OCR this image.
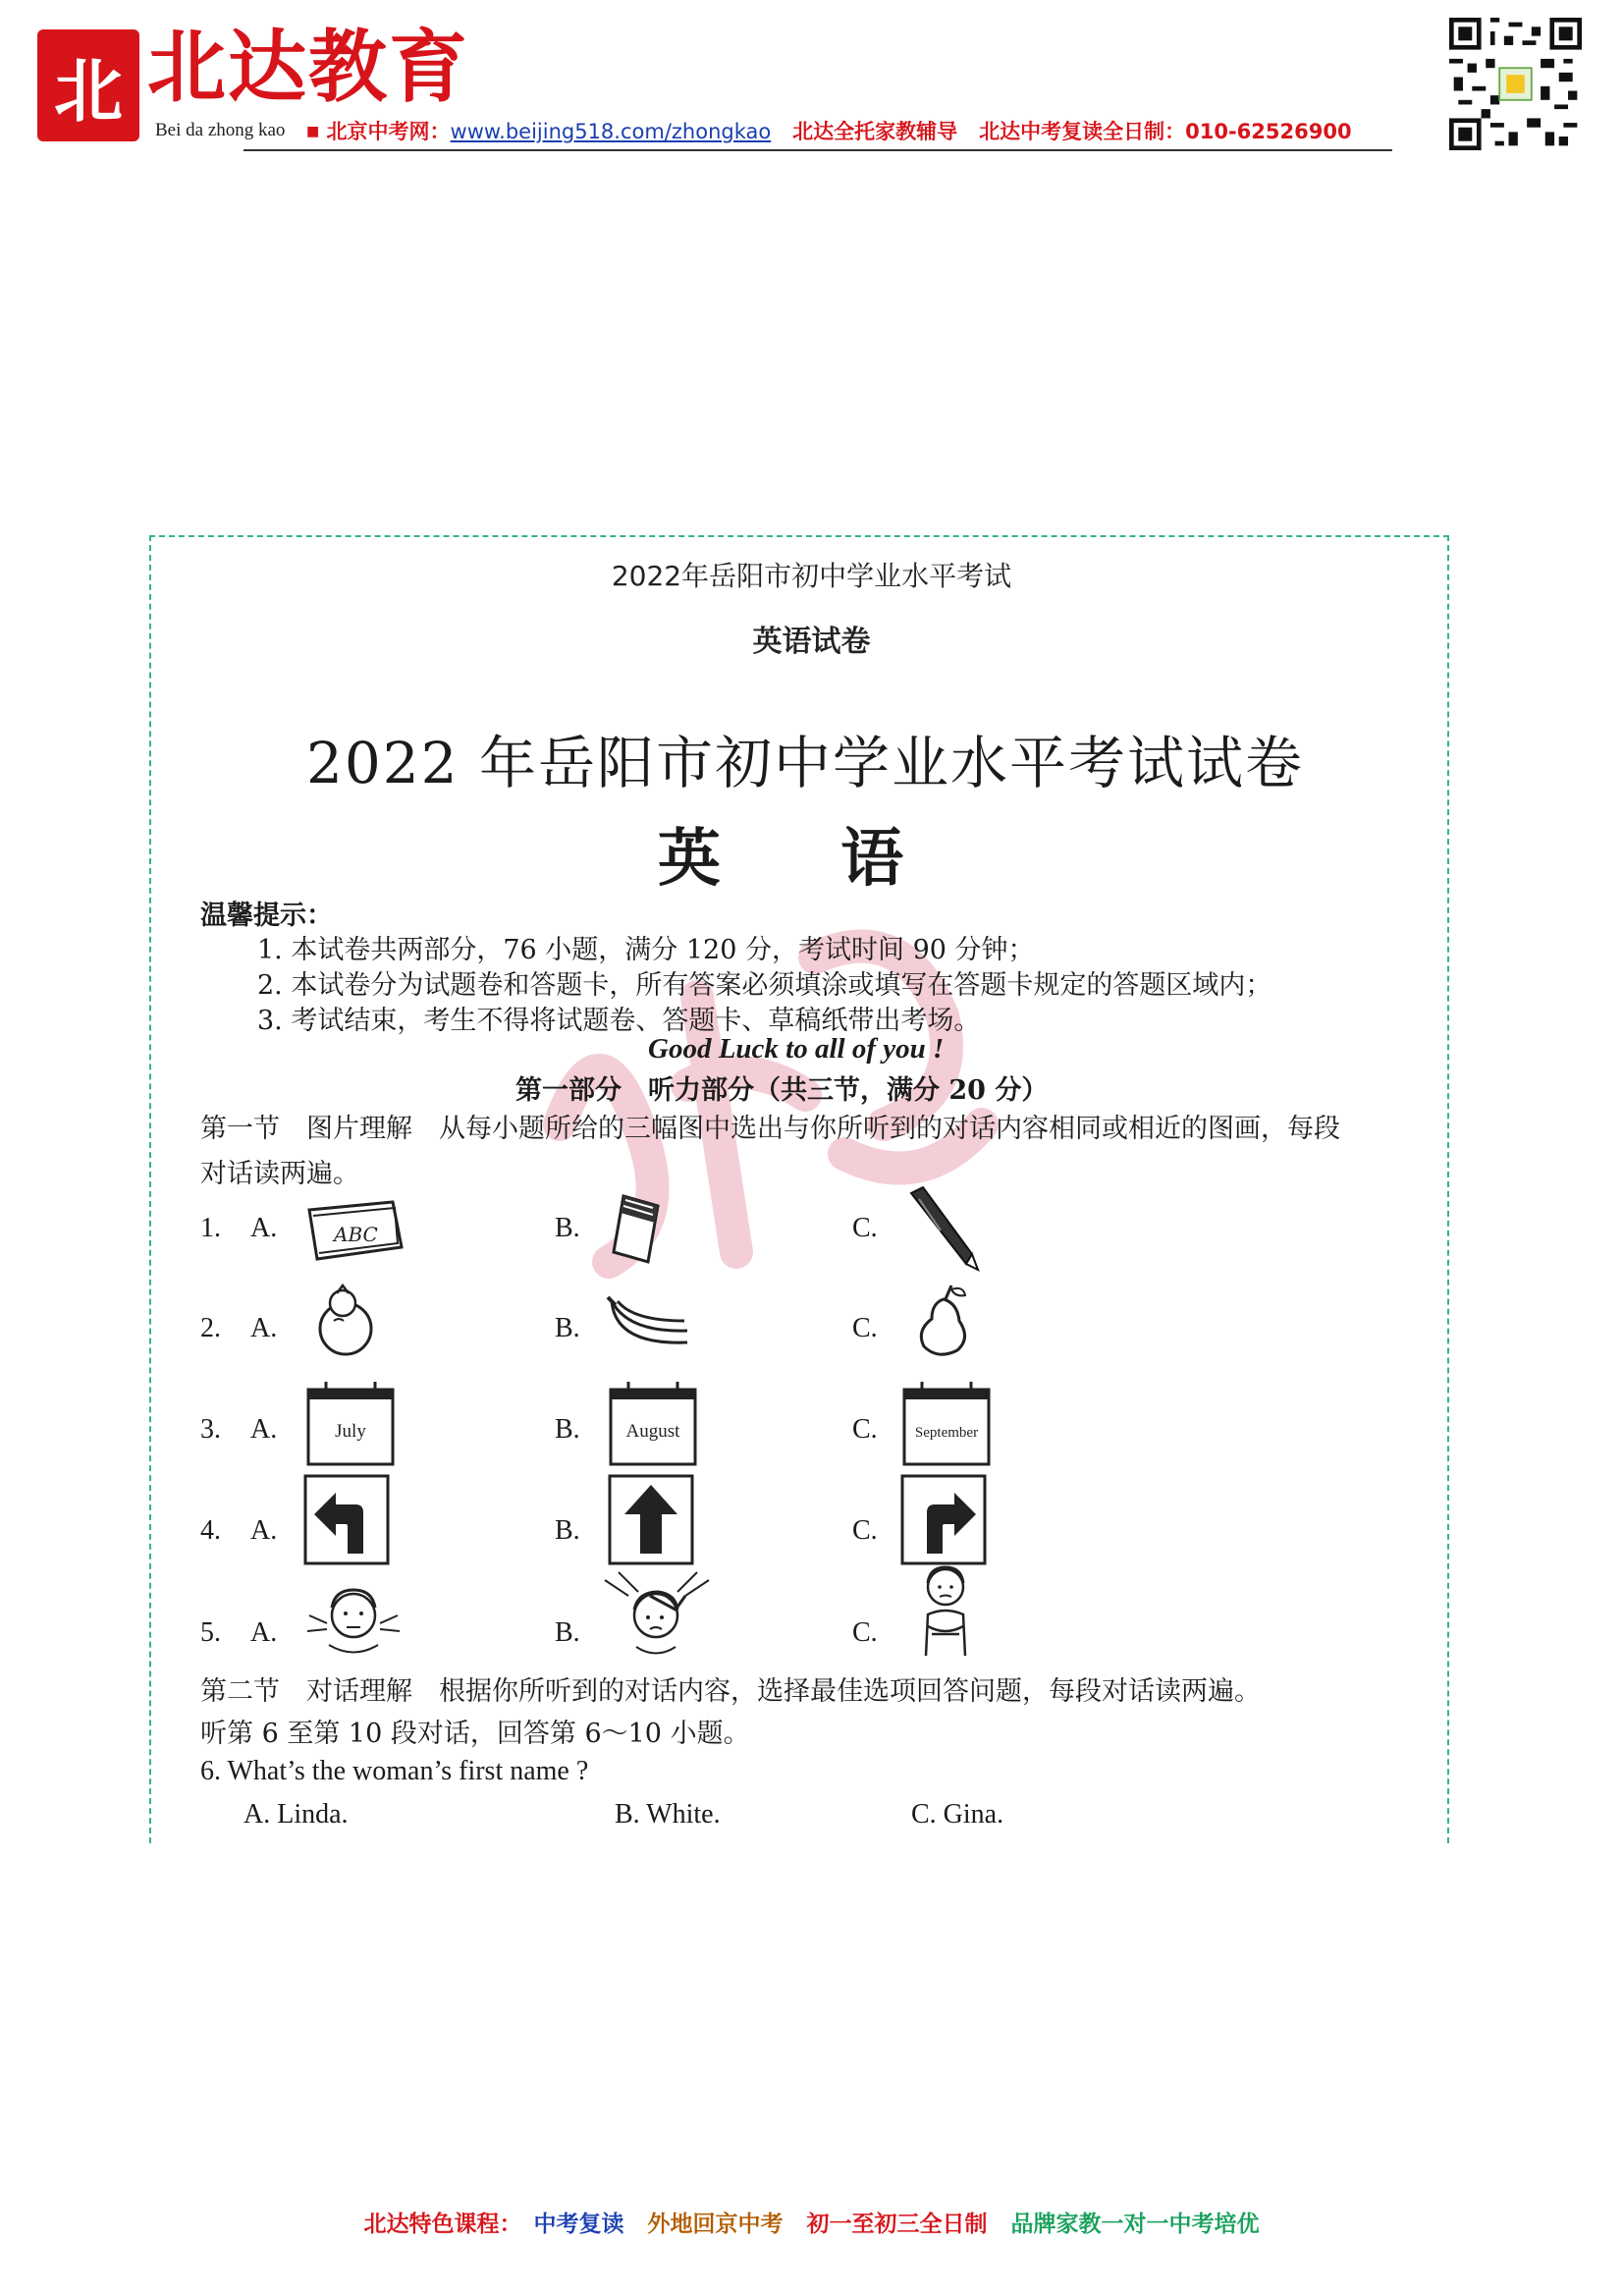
北 北达教育
Bei da zhong kao ■ 北京中考网：www.beijing518.com/zhongkao 北达全托家教辅导 北达中考复读全日制：010-62526900
2022年岳阳市初中学业水平考试
英语试卷
2022 年岳阳市初中学业水平考试试卷
英 语
温馨提示：
1. 本试卷共两部分，76 小题，满分 120 分，考试时间 90 分钟；
2. 本试卷分为试题卷和答题卡，所有答案必须填涂或填写在答题卡规定的答题区域内；
3. 考试结束，考生不得将试题卷、答题卡、草稿纸带出考场。
Good Luck to all of you !
第一部分　听力部分（共三节，满分 20 分）
第一节　图片理解　从每小题所给的三幅图中选出与你所听到的对话内容相同或相近的图画，每段
对话读两遍。
1. A.	B.	C.
2. A.	B.	C.
3. A.	B.	C.
4. A.	B.	C.
5. A.	B.	C.
ABC
July	August	September
第二节　对话理解　根据你所听到的对话内容，选择最佳选项回答问题，每段对话读两遍。
听第 6 至第 10 段对话，回答第 6～10 小题。
6. What’s the woman’s first name ?
A. Linda.	B. White.	C. Gina.
北达特色课程： 中考复读 外地回京中考 初一至初三全日制 品牌家教一对一中考培优
